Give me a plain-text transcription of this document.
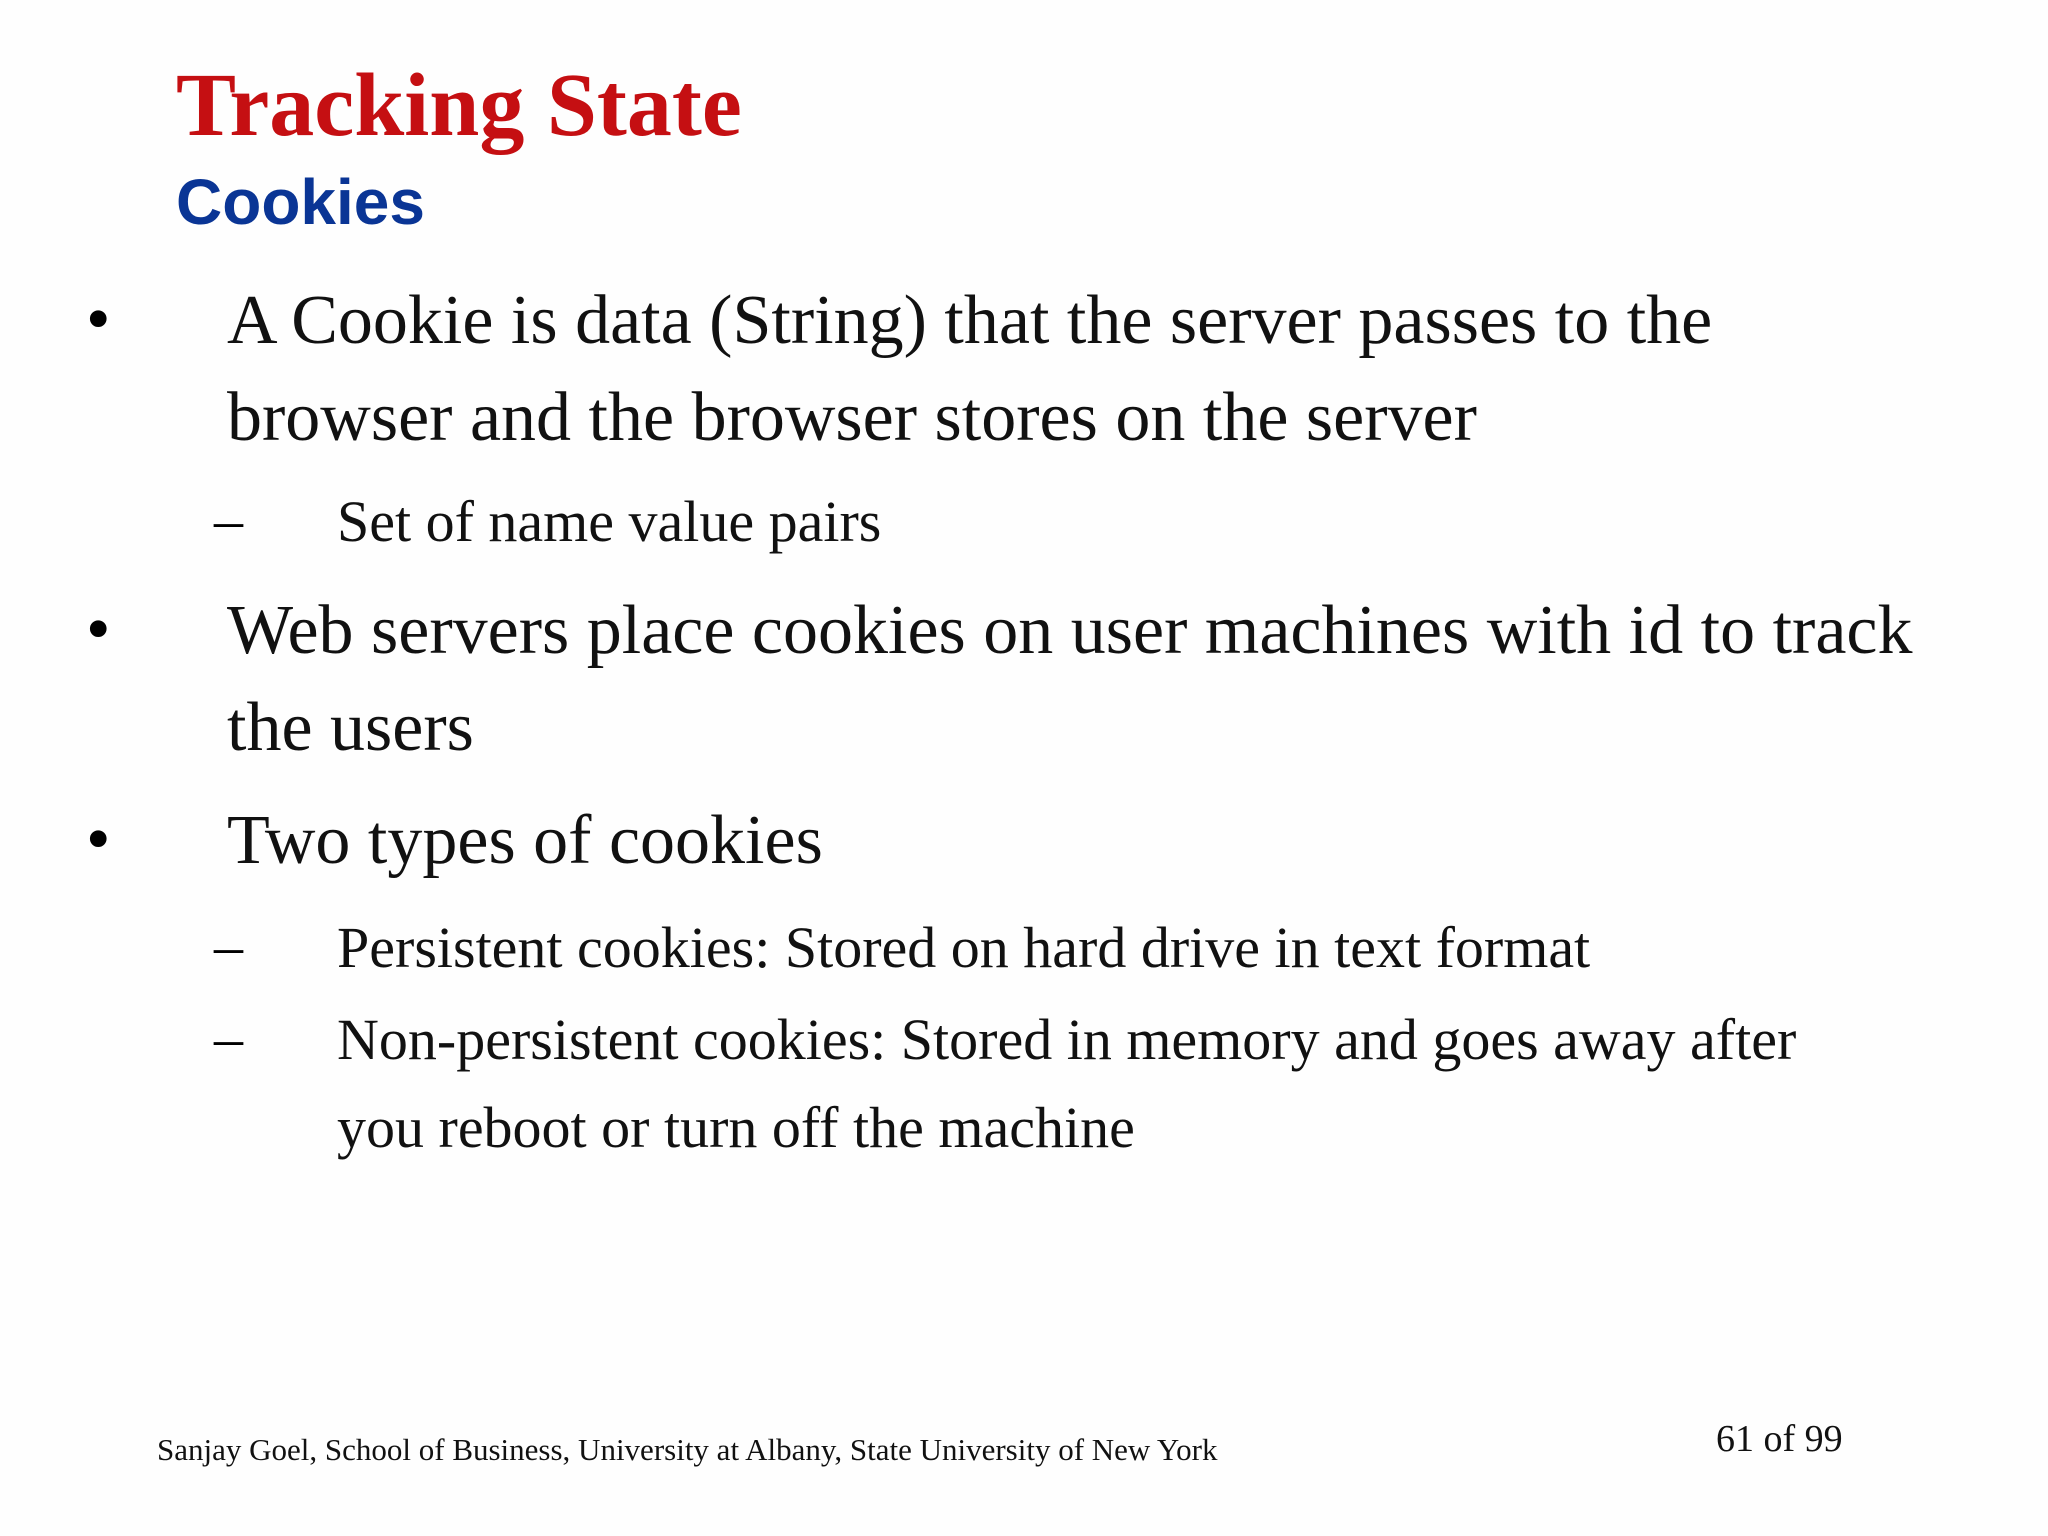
Tracking State
Cookies
• A Cookie is data (String) that the server passes to the browser and the browser stores on the server

– Set of name value pairs

• Web servers place cookies on user machines with id to track the users

• Two types of cookies

– Persistent cookies: Stored on hard drive in text format

– Non-persistent cookies: Stored in memory and goes away after you reboot or turn off the machine

Sanjay Goel, School of Business, University at Albany, State University of New York	61 of 99
